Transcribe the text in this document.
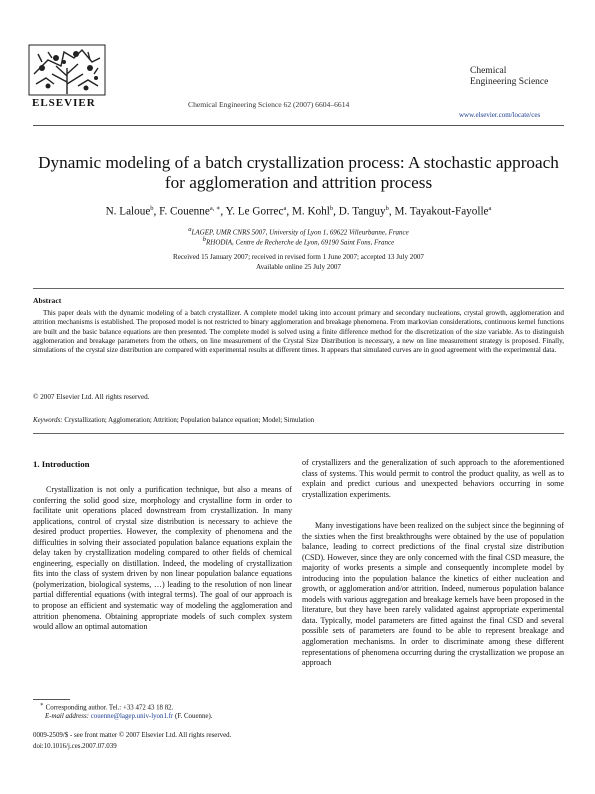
ELSEVIER	Chemical Engineering Science 62 (2007) 6604–6614
Chemical
Engineering Science
www.elsevier.com/locate/ces
Dynamic modeling of a batch crystallization process: A stochastic approach for agglomeration and attrition process
N. Laloue$^b$, F. Couenne$^{a, ∗}$, Y. Le Gorrec$^a$, M. Kohl$^b$, D. Tanguy$^b$, M. Tayakout-Fayolle$^a$
$^a$LAGEP, UMR CNRS 5007, University of Lyon 1, 69622 Villeurbanne, France
$^b$RHODIA, Centre de Recherche de Lyon, 69190 Saint Fons, France
Received 15 January 2007; received in revised form 1 June 2007; accepted 13 July 2007
Available online 25 July 2007
Abstract
This paper deals with the dynamic modeling of a batch crystallizer. A complete model taking into account primary and secondary nucleations, crystal growth, agglomeration and attrition mechanisms is established. The proposed model is not restricted to binary agglomeration and breakage phenomena. From markovian considerations, continuous kernel functions are built and the basic balance equations are then presented. The complete model is solved using a finite difference method for the discretization of the size variable. As to distinguish agglomeration and breakage parameters from the others, on line measurement of the Crystal Size Distribution is necessary, a new on line measurement strategy is proposed. Finally, simulations of the crystal size distribution are compared with experimental results at different times. It appears that simulated curves are in good agreement with the experimental data.
© 2007 Elsevier Ltd. All rights reserved.
Keywords: Crystallization; Agglomeration; Attrition; Population balance equation; Model; Simulation
1. Introduction
Crystallization is not only a purification technique, but also a means of conferring the solid good size, morphology and crystalline form in order to facilitate unit operations placed downstream from crystallization. In many applications, control of crystal size distribution is necessary to achieve the desired product properties. However, the complexity of phenomena and the difficulties in solving their associated population balance equations explain the delay taken by crystallization modeling compared to other fields of chemical engineering, especially on distillation. Indeed, the modeling of crystallization fits into the class of system driven by non linear population balance equations (polymerization, biological systems, …) leading to the resolution of non linear partial differential equations (with integral terms). The goal of our approach is to propose an efficient and systematic way of modeling the agglomeration and attrition phenomena. Obtaining appropriate models of such complex system would allow an optimal automation
of crystallizers and the generalization of such approach to the aforementioned class of systems. This would permit to control the product quality, as well as to explain and predict curious and unexpected behaviors occurring in some crystallization experiments.
Many investigations have been realized on the subject since the beginning of the sixties when the first breakthroughs were obtained by the use of population balance, leading to correct predictions of the final crystal size distribution (CSD). However, since they are only concerned with the final CSD measure, the majority of works presents a simple and consequently incomplete model by introducing into the population balance the kinetics of either nucleation and growth, or agglomeration and/or attrition. Indeed, numerous population balance models with various aggregation and breakage kernels have been proposed in the literature, but they have been rarely validated against appropriate experimental data. Typically, model parameters are fitted against the final CSD and several possible sets of parameters are found to be able to represent breakage and agglomeration mechanisms. In order to discriminate among these different representations of phenomena occurring during the crystallization we propose an approach
∗ Corresponding author. Tel.: +33 472 43 18 82.
E-mail address: couenne@lagep.univ-lyon1.fr (F. Couenne).
0009-2509/$ - see front matter © 2007 Elsevier Ltd. All rights reserved.
doi:10.1016/j.ces.2007.07.039
